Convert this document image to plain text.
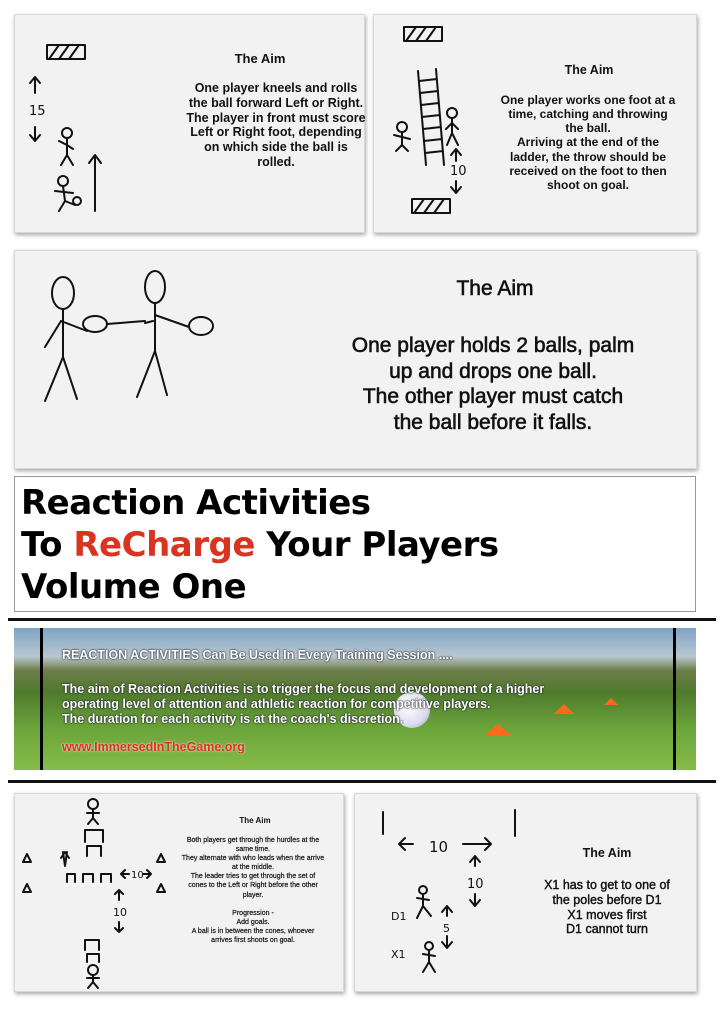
15
The Aim
One player kneels and rolls
the ball forward Left or Right.
The player in front must score
Left or Right foot, depending
on which side the ball is
rolled.
10
The Aim
One player works one foot at a
time, catching and throwing
the ball.
Arriving at the end of the
ladder, the throw should be
received on the foot to then
shoot on goal.
The Aim
One player holds 2 balls, palm
up and drops one ball.
The other player must catch
the ball before it falls.
Reaction Activities
To ReCharge Your Players
Volume One
REACTION ACTIVITIES Can Be Used In Every Training Session ....
The aim of Reaction Activities is to trigger the focus and development of a higher
operating level of attention and athletic reaction for competitive players.
The duration for each activity is at the coach's discretion.
www.ImmersedInTheGame.org
10
10
The Aim
Both players get through the hurdles at the
same time.
They alternate with who leads when the arrive
at the middle.
The leader tries to get through the set of
cones to the Left or Right before the other
player.

Progression -
Add goals.
A ball is in between the cones, whoever
arrives first shoots on goal.
10
10
D1
5
X1
The Aim
X1 has to get to one of
the poles before D1
X1 moves first
D1 cannot turn
